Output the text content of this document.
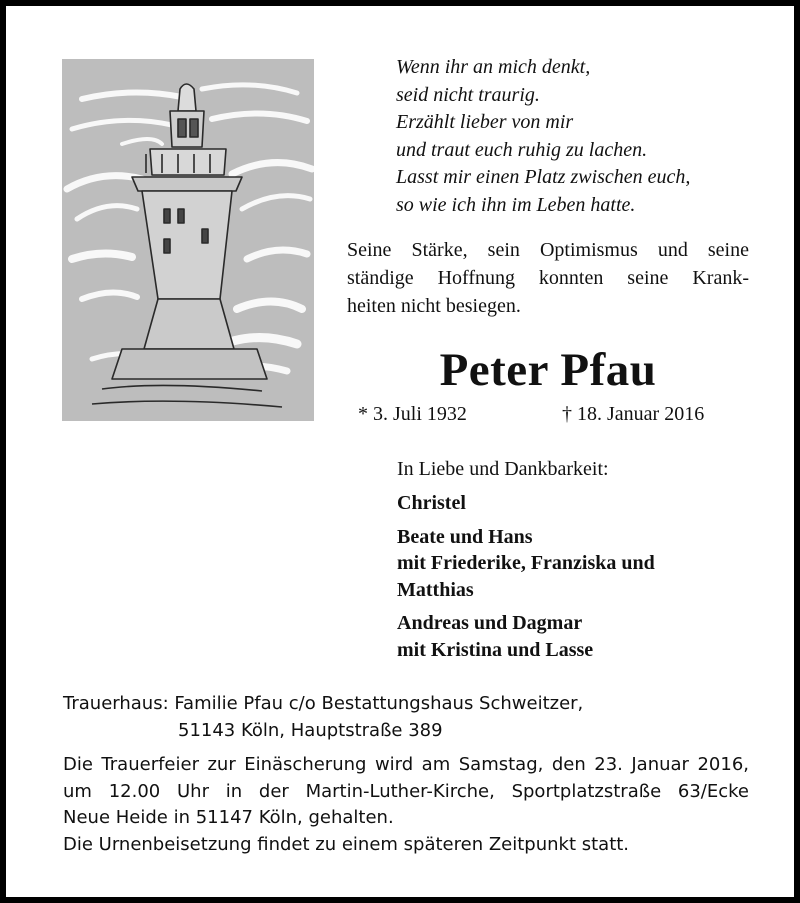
Wenn ihr an mich denkt,
seid nicht traurig.
Erzählt lieber von mir
und traut euch ruhig zu lachen.
Lasst mir einen Platz zwischen euch,
so wie ich ihn im Leben hatte.
Seine Stärke, sein Optimismus und seine
ständige Hoffnung konnten seine Krank-
heiten nicht besiegen.
Peter Pfau
* 3. Juli 1932	† 18. Januar 2016
In Liebe und Dankbarkeit:
Christel
Beate und Hans
mit Friederike, Franziska und
Matthias
Andreas und Dagmar
mit Kristina und Lasse
Trauerhaus: Familie Pfau c/o Bestattungshaus Schweitzer,
51143 Köln, Hauptstraße 389
Die Trauerfeier zur Einäscherung wird am Samstag, den 23. Januar 2016,
um 12.00 Uhr in der Martin-Luther-Kirche, Sportplatzstraße 63/Ecke
Neue Heide in 51147 Köln, gehalten.
Die Urnenbeisetzung findet zu einem späteren Zeitpunkt statt.
